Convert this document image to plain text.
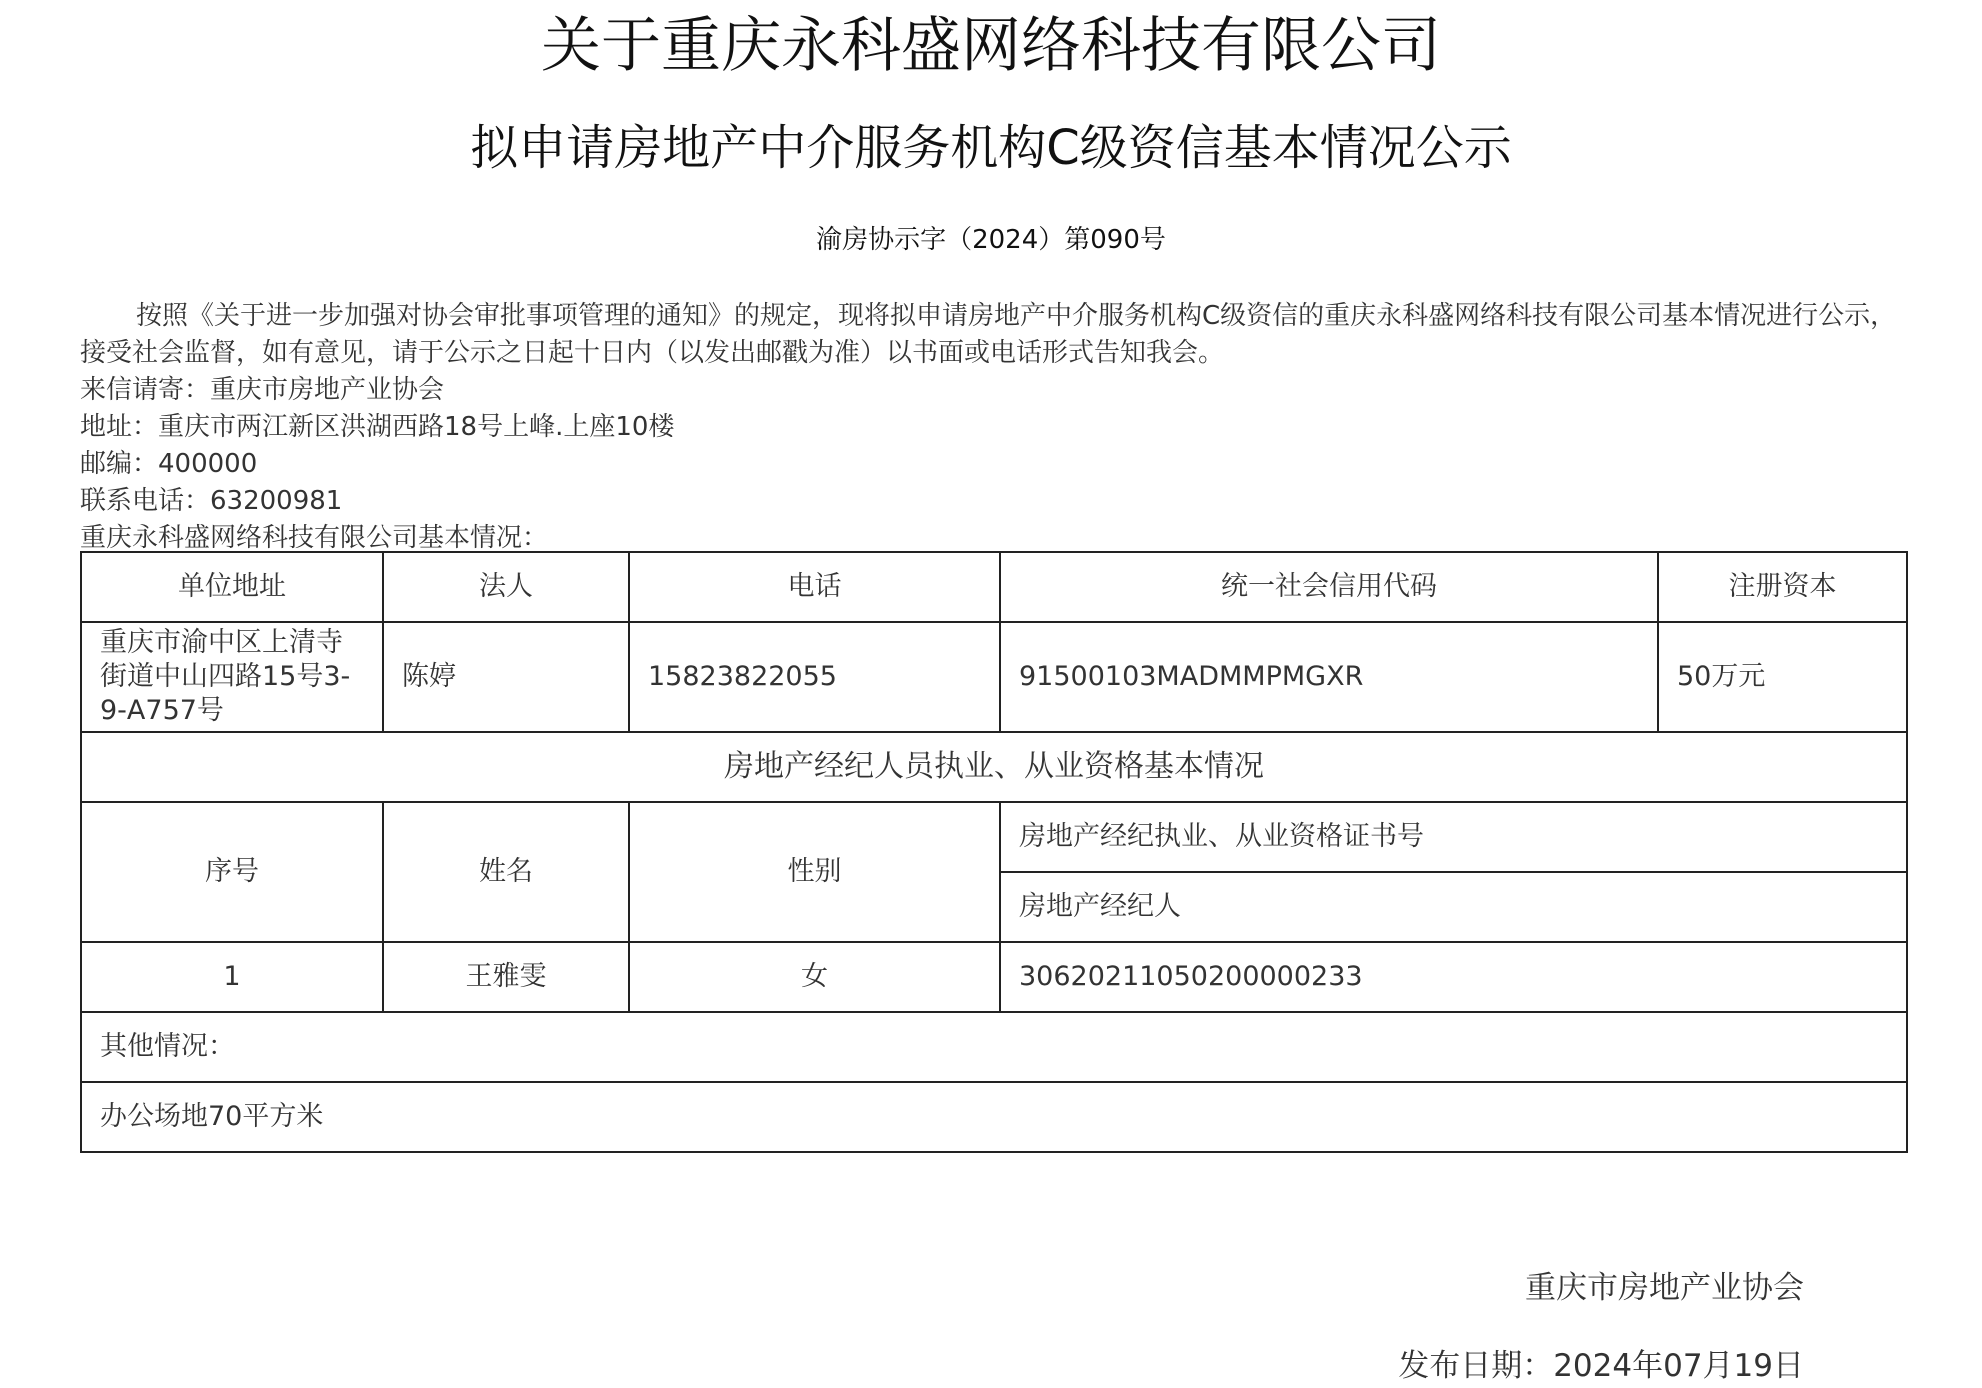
关于重庆永科盛网络科技有限公司
拟申请房地产中介服务机构C级资信基本情况公示
渝房协示字（2024）第090号

按照《关于进一步加强对协会审批事项管理的通知》的规定，现将拟申请房地产中介服务机构C级资信的重庆永科盛网络科技有限公司基本情况进行公示，接受社会监督，如有意见，请于公示之日起十日内（以发出邮戳为准）以书面或电话形式告知我会。

来信请寄：重庆市房地产业协会

地址：重庆市两江新区洪湖西路18号上峰.上座10楼

邮编：400000

联系电话：63200981

重庆永科盛网络科技有限公司基本情况：

单位地址	法人	电话	统一社会信用代码	注册资本
重庆市渝中区上清寺街道中山四路15号3-9-A757号	陈婷	15823822055	91500103MADMMPMGXR	50万元
房地产经纪人员执业、从业资格基本情况				
序号	姓名	性别	房地产经纪执业、从业资格证书号	
			房地产经纪人	
1	王雅雯	女	30620211050200000233	
其他情况：				
办公场地70平方米				
重庆市房地产业协会
发布日期：2024年07月19日
